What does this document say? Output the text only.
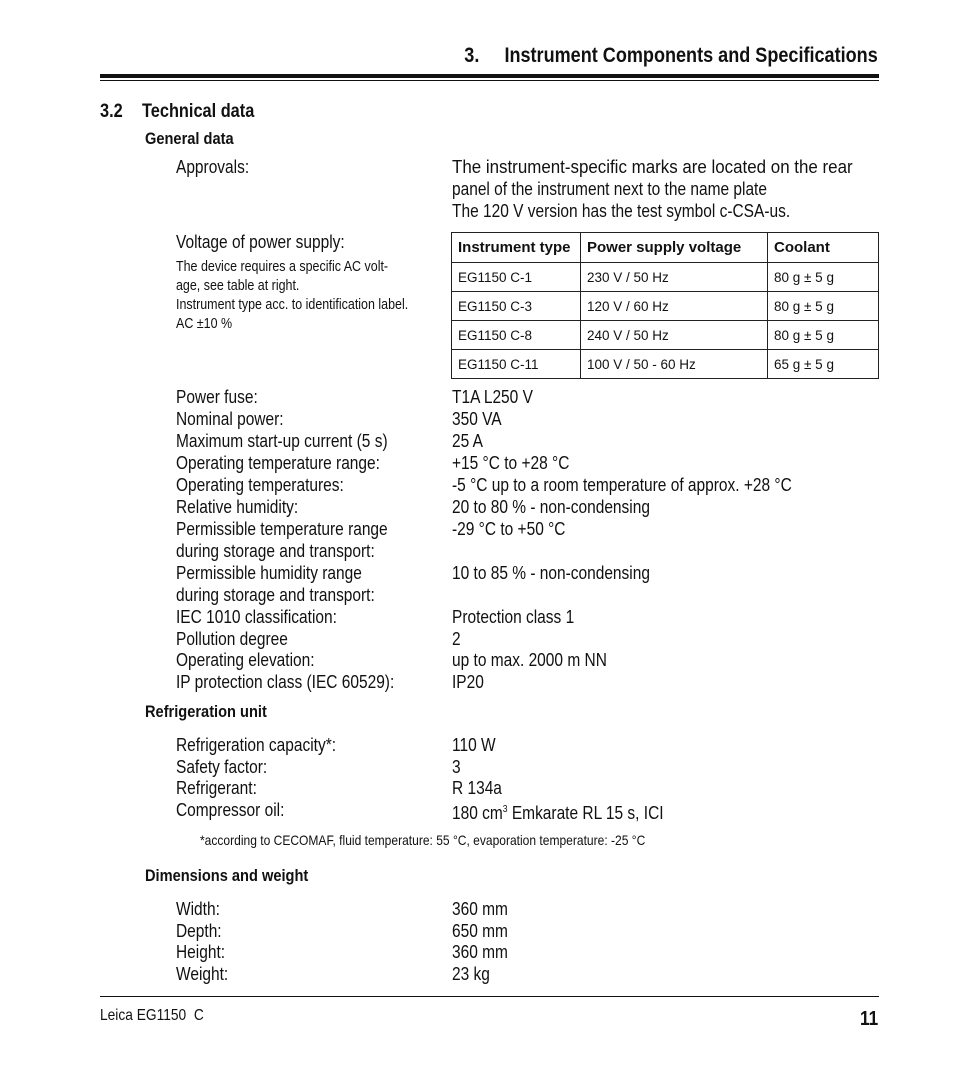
3.     Instrument Components and Specifications
3.2 Technical data
General data
Approvals:	The instrument-specific marks are located on the rear
panel of the instrument next to the name plate
The 120 V version has the test symbol c-CSA-us.
Voltage of power supply:
The device requires a specific AC volt-
age, see table at right.
Instrument type acc. to identification label.
AC ±10 %
Instrument type	Power supply voltage	Coolant
EG1150 C-1	230 V / 50 Hz	80 g ± 5 g
EG1150 C-3	120 V / 60 Hz	80 g ± 5 g
EG1150 C-8	240 V / 50 Hz	80 g ± 5 g
EG1150 C-11	100 V / 50 - 60 Hz	65 g ± 5 g
Power fuse:	T1A L250 V
Nominal power:	350 VA
Maximum start-up current (5 s)	25 A
Operating temperature range:	+15 °C to +28 °C
Operating temperatures:	-5 °C up to a room temperature of approx. +28 °C
Relative humidity:	20 to 80 % - non-condensing
Permissible temperature range	-29 °C to +50 °C
during storage and transport:
Permissible humidity range	10 to 85 % - non-condensing
during storage and transport:
IEC 1010 classification:	Protection class 1
Pollution degree	2
Operating elevation:	up to max. 2000 m NN
IP protection class (IEC 60529):	IP20
Refrigeration unit
Refrigeration capacity*:	110 W
Safety factor:	3
Refrigerant:	R 134a
Compressor oil:	180 $cm^3$ Emkarate RL 15 s, ICI
*according to CECOMAF, fluid temperature: 55 °C, evaporation temperature: -25 °C
Dimensions and weight
Width:	360 mm
Depth:	650 mm
Height:	360 mm
Weight:	23 kg
Leica EG1150  C	11
